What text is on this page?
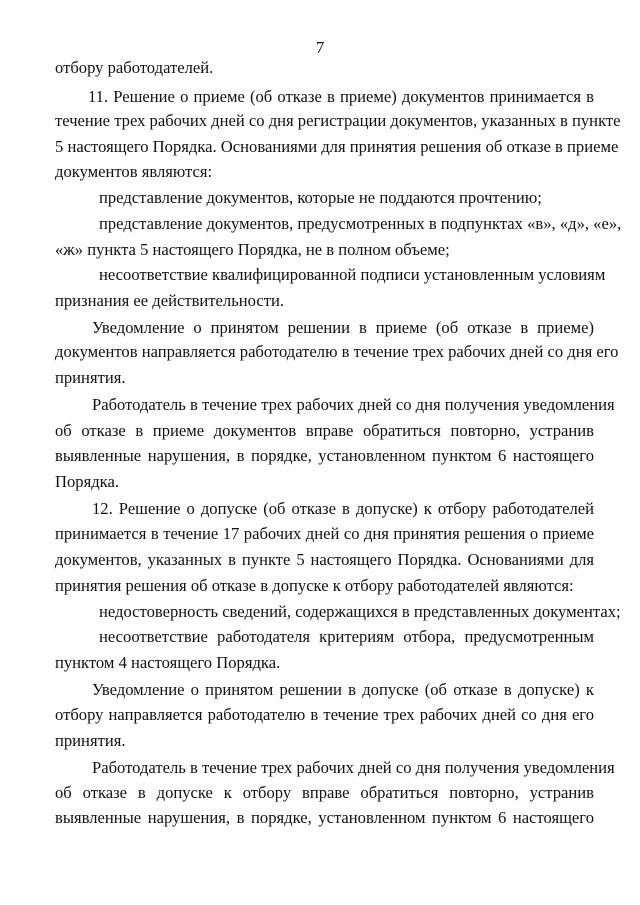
7
отбору работодателей.
11. Решение о приеме (об отказе в приеме) документов принимается в
течение трех рабочих дней со дня регистрации документов, указанных в пункте
5 настоящего Порядка. Основаниями для принятия решения об отказе в приеме
документов являются:
представление документов, которые не поддаются прочтению;
представление документов, предусмотренных в подпунктах «в», «д», «е»,
«ж» пункта 5 настоящего Порядка, не в полном объеме;
несоответствие квалифицированной подписи установленным условиям
признания ее действительности.
Уведомление о принятом решении в приеме (об отказе в приеме)
документов направляется работодателю в течение трех рабочих дней со дня его
принятия.
Работодатель в течение трех рабочих дней со дня получения уведомления
об отказе в приеме документов вправе обратиться повторно, устранив
выявленные нарушения, в порядке, установленном пунктом 6 настоящего
Порядка.
12. Решение о допуске (об отказе в допуске) к отбору работодателей
принимается в течение 17 рабочих дней со дня принятия решения о приеме
документов, указанных в пункте 5 настоящего Порядка. Основаниями для
принятия решения об отказе в допуске к отбору работодателей являются:
недостоверность сведений, содержащихся в представленных документах;
несоответствие работодателя критериям отбора, предусмотренным
пунктом 4 настоящего Порядка.
Уведомление о принятом решении в допуске (об отказе в допуске) к
отбору направляется работодателю в течение трех рабочих дней со дня его
принятия.
Работодатель в течение трех рабочих дней со дня получения уведомления
об отказе в допуске к отбору вправе обратиться повторно, устранив
выявленные нарушения, в порядке, установленном пунктом 6 настоящего
